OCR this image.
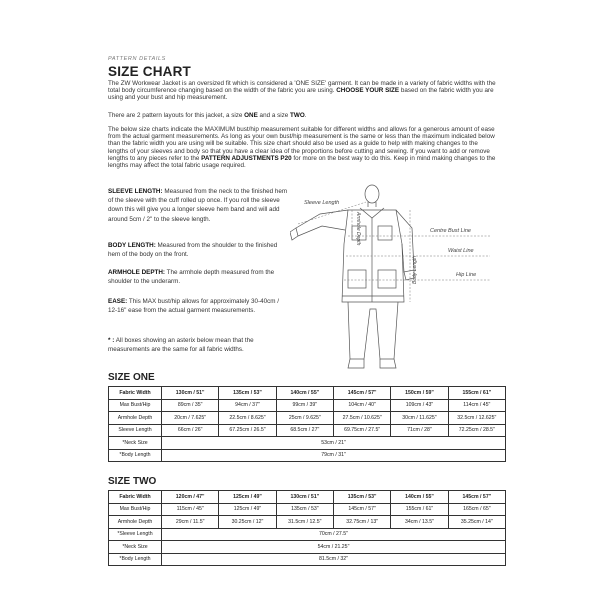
PATTERN DETAILS
SIZE CHART

The ZW Workwear Jacket is an oversized fit which is considered a 'ONE SIZE' garment. It can be made in a variety of fabric widths with the total body circumference changing based on the width of the fabric you are using. CHOOSE YOUR SIZE based on the fabric width you are using and your bust and hip measurement.

There are 2 pattern layouts for this jacket, a size ONE and a size TWO.

The below size charts indicate the MAXIMUM bust/hip measurement suitable for different widths and allows for a generous amount of ease from the actual garment measurements. As long as your own bust/hip measurement is the same or less than the maximum indicated below than the fabric width you are using will be suitable. This size chart should also be used as a guide to help with making changes to the lengths of your sleeves and body so that you have a clear idea of the proportions before cutting and sewing. If you want to add or remove lengths to any pieces refer to the PATTERN ADJUSTMENTS P20 for more on the best way to do this. Keep in mind making changes to the lengths may affect the total fabric usage required.

SLEEVE LENGTH: Measured from the neck to the finished hem of the sleeve with the cuff rolled up once. If you roll the sleeve down this will give you a longer sleeve hem band and will add around 5cm / 2" to the sleeve length.

BODY LENGTH: Measured from the shoulder to the finished hem of the body on the front.

ARMHOLE DEPTH: The armhole depth measured from the shoulder to the underarm.

EASE: This MAX bust/hip allows for approximately 30-40cm / 12-16" ease from the actual garment measurements.

* : All boxes showing an asterix below mean that the measurements are the same for all fabric widths.

Sleeve Length
Armhole Depth	Centre Bust Line
Waist Line
Body Length	Hip Line
SIZE ONE
Fabric Width	130cm / 51"	135cm / 53"	140cm / 55"	145cm / 57"	150cm / 59"	155cm / 61"
Max Bust/Hip	89cm / 35"	94cm / 37"	99cm / 39"	104cm / 40"	109cm / 43"	114cm / 45"
Armhole Depth	20cm / 7.625"	22.5cm / 8.625"	25cm / 9.625"	27.5cm / 10.625"	30cm / 11.625"	32.5cm / 12.625"
Sleeve Length	66cm / 26"	67.25cm / 26.5"	68.5cm / 27"	69.75cm / 27.5"	71cm / 28"	72.25cm / 28.5"
*Neck Size	53cm / 21"					
*Body Length	79cm / 31"					
SIZE TWO
Fabric Width	120cm / 47"	125cm / 49"	130cm / 51"	135cm / 53"	140cm / 55"	145cm / 57"
Max Bust/Hip	115cm / 45"	125cm / 49"	135cm / 53"	145cm / 57"	155cm / 61"	165cm / 65"
Armhole Depth	29cm / 11.5"	30.25cm / 12"	31.5cm / 12.5"	32.75cm / 13"	34cm / 13.5"	35.25cm / 14"
*Sleeve Length	70cm / 27.5"					
*Neck Size	54cm / 21.25"					
*Body Length	81.5cm / 32"					
